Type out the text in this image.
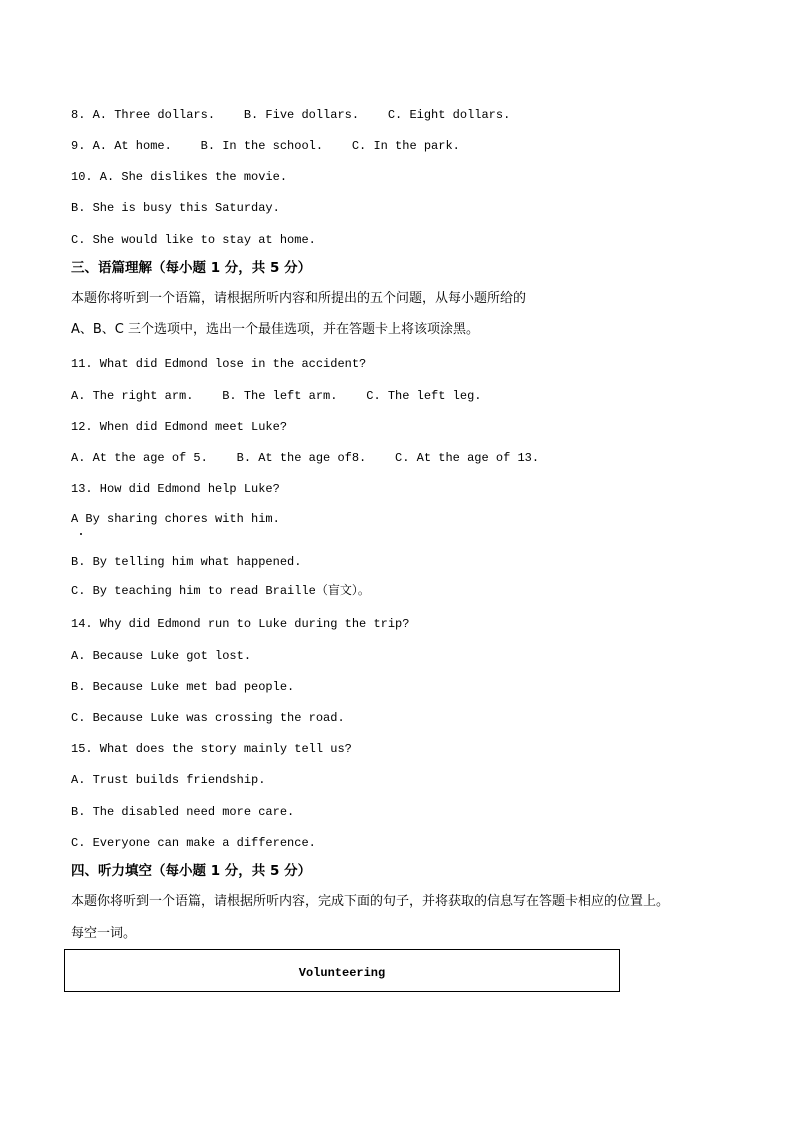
8. A. Three dollars.    B. Five dollars.    C. Eight dollars.
9. A. At home.    B. In the school.    C. In the park.
10. A. She dislikes the movie.
B. She is busy this Saturday.
C. She would like to stay at home.
三、语篇理解（每小题 1 分，共 5 分）
本题你将听到一个语篇，请根据所听内容和所提出的五个问题，从每小题所给的
A、B、C 三个选项中，选出一个最佳选项，并在答题卡上将该项涂黑。
11. What did Edmond lose in the accident?
A. The right arm.    B. The left arm.    C. The left leg.
12. When did Edmond meet Luke?
A. At the age of 5.    B. At the age of8.    C. At the age of 13.
13. How did Edmond help Luke?
A By sharing chores with him.
B. By telling him what happened.
C. By teaching him to read Braille（盲文）。
14. Why did Edmond run to Luke during the trip?
A. Because Luke got lost.
B. Because Luke met bad people.
C. Because Luke was crossing the road.
15. What does the story mainly tell us?
A. Trust builds friendship.
B. The disabled need more care.
C. Everyone can make a difference.
四、听力填空（每小题 1 分，共 5 分）
本题你将听到一个语篇，请根据所听内容，完成下面的句子，并将获取的信息写在答题卡相应的位置上。
每空一词。
Volunteering
